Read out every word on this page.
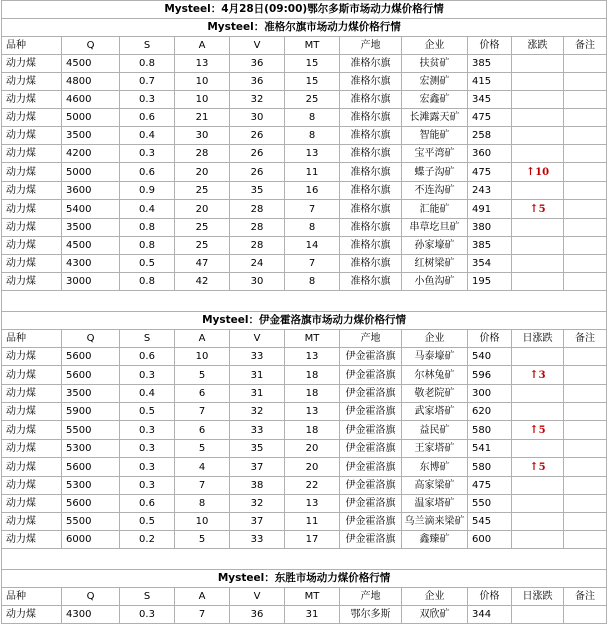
Mysteel：4月28日(09:00)鄂尔多斯市场动力煤价格行情										
Mysteel：准格尔旗市场动力煤价格行情										
品种	Q	S	A	V	MT	产地	企业	价格	涨跌	备注
动力煤	4500	0.8	13	36	15	准格尔旗	扶贫矿	385		
动力煤	4800	0.7	10	36	15	准格尔旗	宏测矿	415		
动力煤	4600	0.3	10	32	25	准格尔旗	宏鑫矿	345		
动力煤	5000	0.6	21	30	8	准格尔旗	长滩露天矿	475		
动力煤	3500	0.4	30	26	8	准格尔旗	智能矿	258		
动力煤	4200	0.3	28	26	13	准格尔旗	宝平湾矿	360		
动力煤	5000	0.6	20	26	11	准格尔旗	蝶子沟矿	475	↑10	
动力煤	3600	0.9	25	35	16	准格尔旗	不连沟矿	243		
动力煤	5400	0.4	20	28	7	准格尔旗	汇能矿	491	↑5	
动力煤	3500	0.8	25	28	8	准格尔旗	串草圪旦矿	380		
动力煤	4500	0.8	25	28	14	准格尔旗	孙家壕矿	385		
动力煤	4300	0.5	47	24	7	准格尔旗	红树梁矿	354		
动力煤	3000	0.8	42	30	8	准格尔旗	小鱼沟矿	195		

Mysteel：伊金霍洛旗市场动力煤价格行情										
品种	Q	S	A	V	MT	产地	企业	价格	日涨跌	备注
动力煤	5600	0.6	10	33	13	伊金霍洛旗	马泰壕矿	540		
动力煤	5600	0.3	5	31	18	伊金霍洛旗	尔林兔矿	596	↑3	
动力煤	3500	0.4	6	31	18	伊金霍洛旗	敬老院矿	300		
动力煤	5900	0.5	7	32	13	伊金霍洛旗	武家塔矿	620		
动力煤	5500	0.3	6	33	18	伊金霍洛旗	益民矿	580	↑5	
动力煤	5300	0.3	5	35	20	伊金霍洛旗	王家塔矿	541		
动力煤	5600	0.3	4	37	20	伊金霍洛旗	东博矿	580	↑5	
动力煤	5300	0.3	7	38	22	伊金霍洛旗	高家梁矿	475		
动力煤	5600	0.6	8	32	13	伊金霍洛旗	温家塔矿	550		
动力煤	5500	0.5	10	37	11	伊金霍洛旗	乌兰滴来梁矿	545		
动力煤	6000	0.2	5	33	17	伊金霍洛旗	鑫臻矿	600		

Mysteel：东胜市场动力煤价格行情										
品种	Q	S	A	V	MT	产地	企业	价格	日涨跌	备注
动力煤	4300	0.3	7	36	31	鄂尔多斯	双欣矿	344		
